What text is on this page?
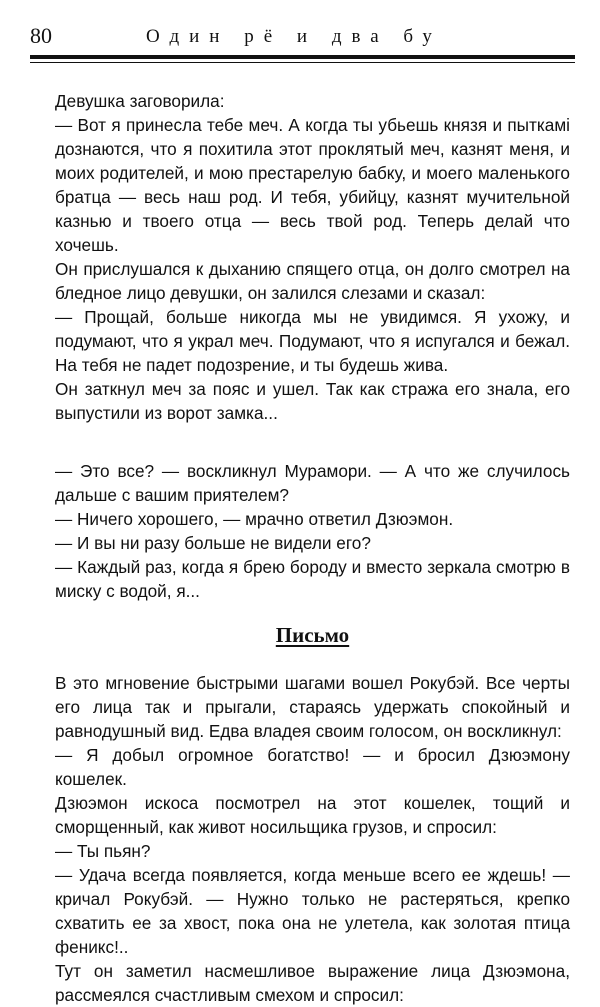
80	Один рё и два бу

Девушка заговорила:

— Вот я принесла тебе меч. А когда ты убьешь князя и пыткамі дознаются, что я похитила этот проклятый меч, казнят меня, и моих родителей, и мою престарелую бабку, и моего маленького братца — весь наш род. И тебя, убийцу, казнят мучительной казнью и твоего отца — весь твой род. Теперь делай что хочешь.

Он прислушался к дыханию спящего отца, он долго смотрел на бледное лицо девушки, он залился слезами и сказал:

— Прощай, больше никогда мы не увидимся. Я ухожу, и подумают, что я украл меч. Подумают, что я испугался и бежал. На тебя не падет подозрение, и ты будешь жива.

Он заткнул меч за пояс и ушел. Так как стража его знала, его выпустили из ворот замка...

— Это все? — воскликнул Мурамори. — А что же случилось дальше с вашим приятелем?

— Ничего хорошего, — мрачно ответил Дзюэмон.

— И вы ни разу больше не видели его?

— Каждый раз, когда я брею бороду и вместо зеркала смотрю в миску с водой, я...

Письмо

В это мгновение быстрыми шагами вошел Рокубэй. Все черты его лица так и прыгали, стараясь удержать спокойный и равнодушный вид. Едва владея своим голосом, он воскликнул:

— Я добыл огромное богатство! — и бросил Дзюэмону кошелек.

Дзюэмон искоса посмотрел на этот кошелек, тощий и сморщенный, как живот носильщика грузов, и спросил:

— Ты пьян?

— Удача всегда появляется, когда меньше всего ее ждешь! — кричал Рокубэй. — Нужно только не растеряться, крепко схватить ее за хвост, пока она не улетела, как золотая птица феникс!..

Тут он заметил насмешливое выражение лица Дзюэмона, рассмеялся счастливым смехом и спросил:
